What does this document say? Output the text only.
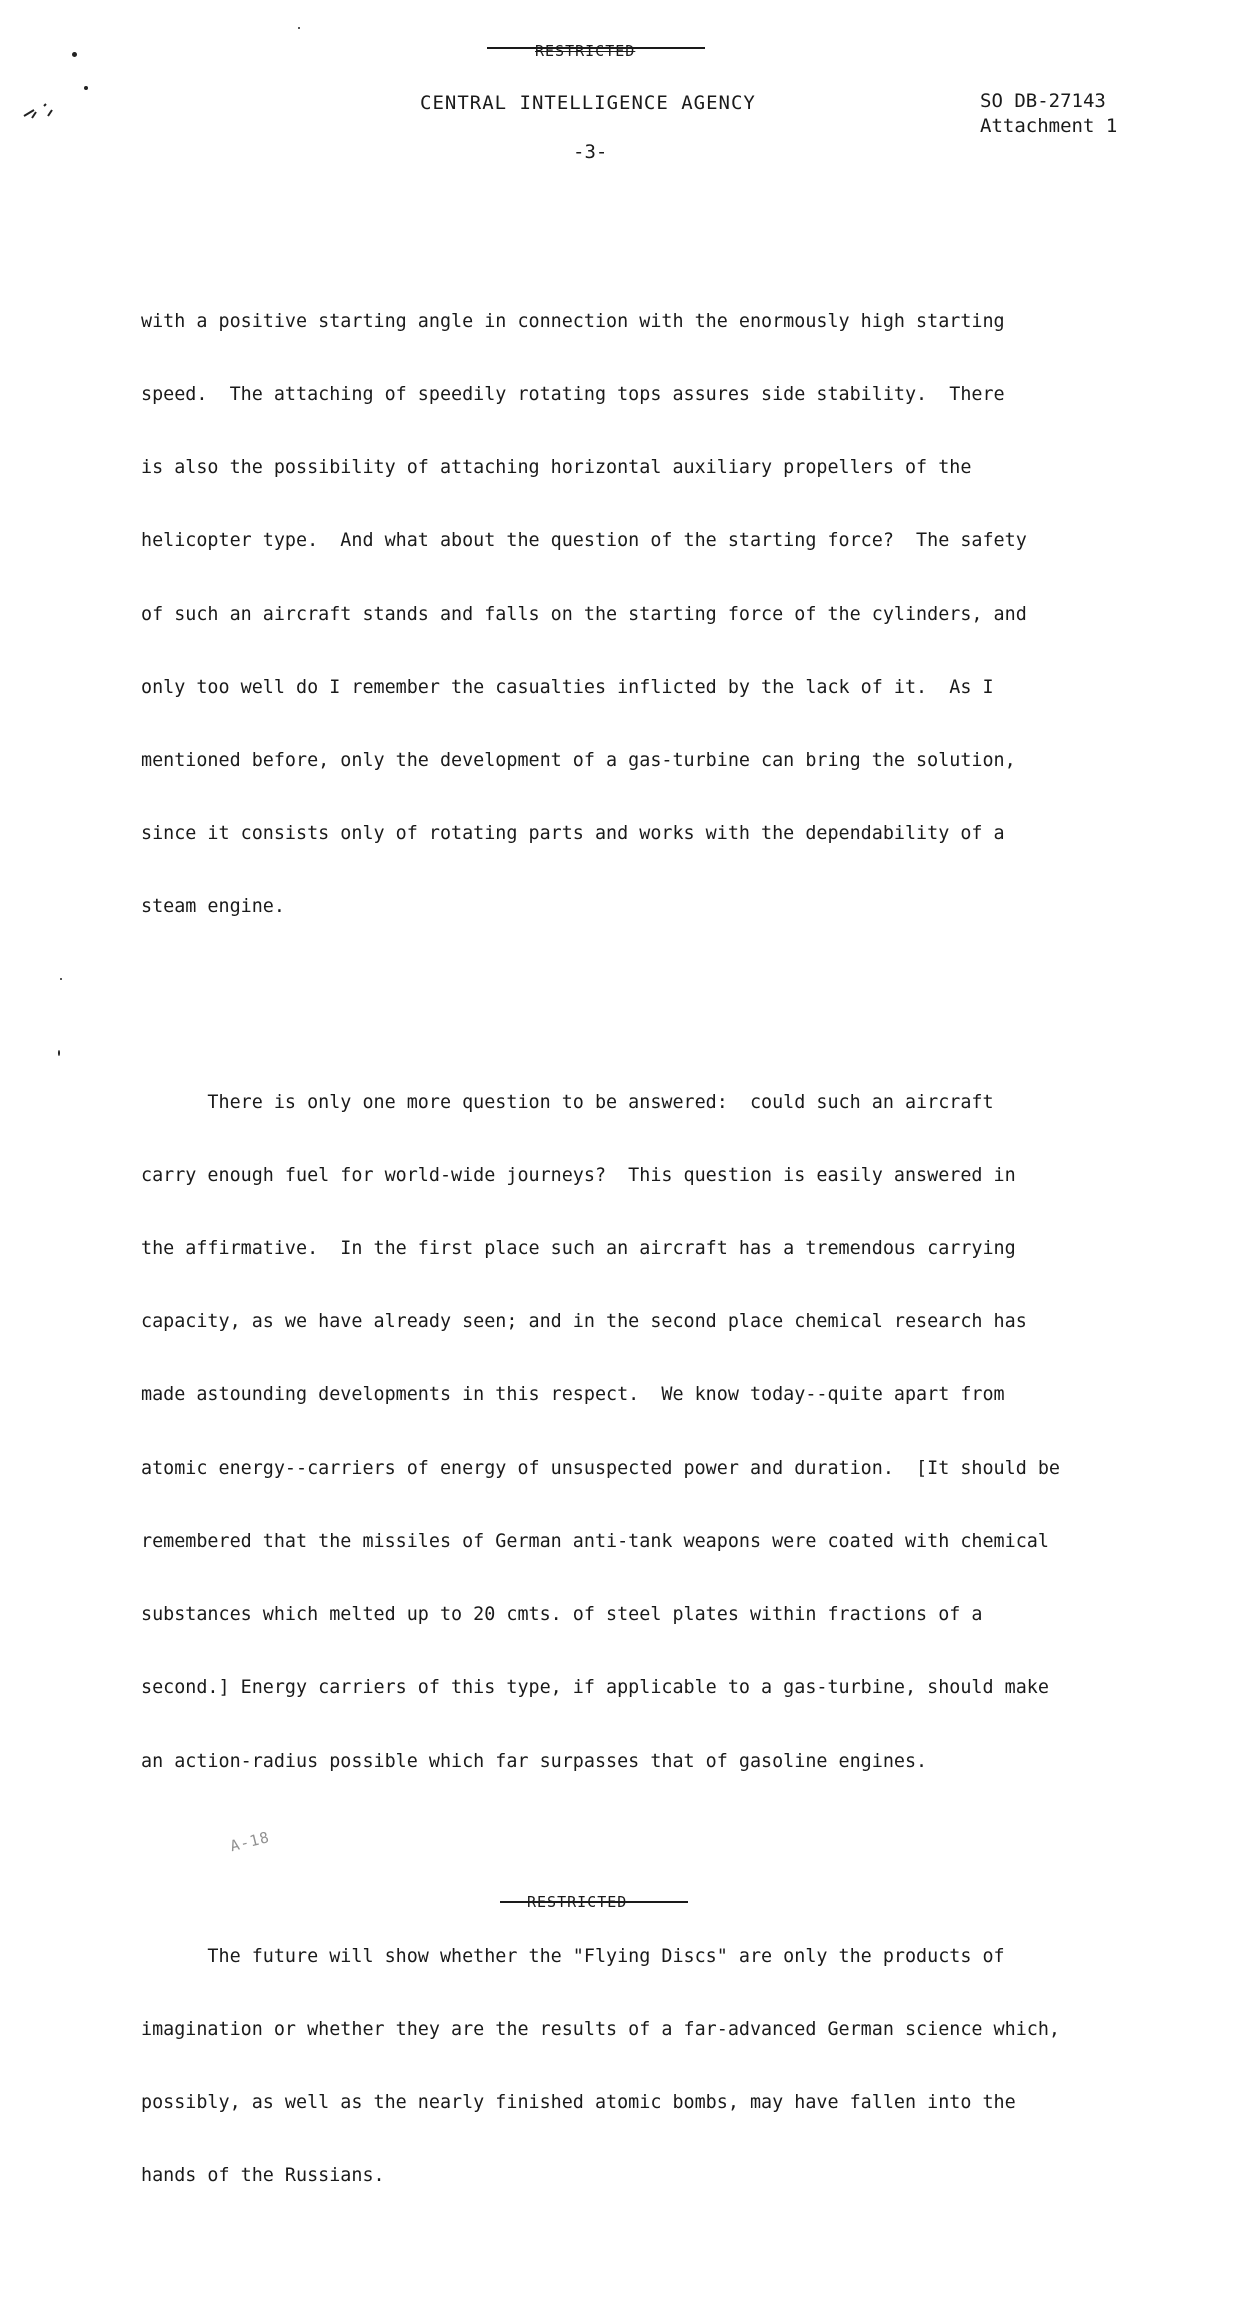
RESTRICTED
CENTRAL INTELLIGENCE AGENCY	SO DB-27143
Attachment 1
-3-

with a positive starting angle in connection with the enormously high starting

speed.  The attaching of speedily rotating tops assures side stability.  There

is also the possibility of attaching horizontal auxiliary propellers of the

helicopter type.  And what about the question of the starting force?  The safety

of such an aircraft stands and falls on the starting force of the cylinders, and

only too well do I remember the casualties inflicted by the lack of it.  As I

mentioned before, only the development of a gas-turbine can bring the solution,

since it consists only of rotating parts and works with the dependability of a

steam engine.

There is only one more question to be answered:  could such an aircraft

carry enough fuel for world-wide journeys?  This question is easily answered in

the affirmative.  In the first place such an aircraft has a tremendous carrying

capacity, as we have already seen; and in the second place chemical research has

made astounding developments in this respect.  We know today--quite apart from

atomic energy--carriers of energy of unsuspected power and duration.  [It should be

remembered that the missiles of German anti-tank weapons were coated with chemical

substances which melted up to 20 cmts. of steel plates within fractions of a

second.] Energy carriers of this type, if applicable to a gas-turbine, should make

an action-radius possible which far surpasses that of gasoline engines.

The future will show whether the "Flying Discs" are only the products of

imagination or whether they are the results of a far-advanced German science which,

possibly, as well as the nearly finished atomic bombs, may have fallen into the

hands of the Russians.

A-18

RESTRICTED
